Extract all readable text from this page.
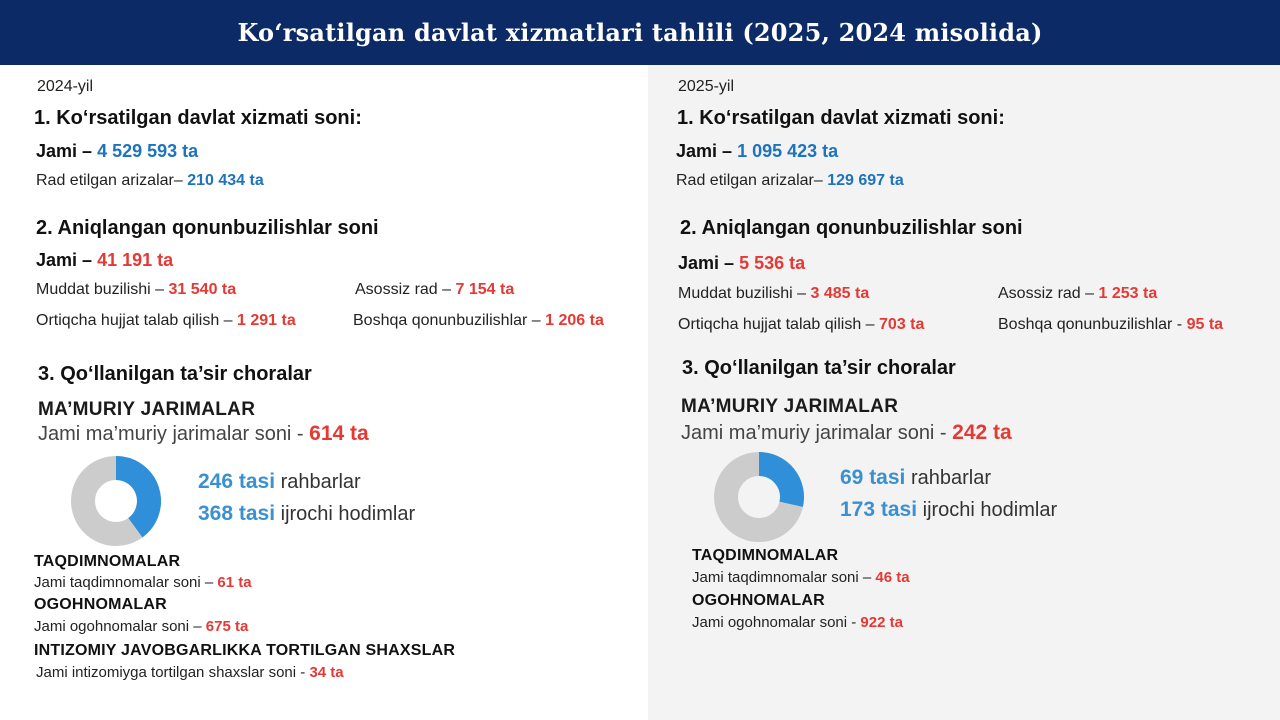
Ko‘rsatilgan davlat xizmatlari tahlili (2025, 2024 misolida)
2024-yil
1. Ko‘rsatilgan davlat xizmati soni:
Jami – 4 529 593 ta
Rad etilgan arizalar– 210 434 ta
2. Aniqlangan qonunbuzilishlar soni
Jami – 41 191 ta
Muddat buzilishi – 31 540 ta	Asossiz rad – 7 154 ta
Ortiqcha hujjat talab qilish – 1 291 ta	Boshqa qonunbuzilishlar – 1 206 ta
3. Qo‘llanilgan ta’sir choralar
MA’MURIY JARIMALAR
Jami ma’muriy jarimalar soni - 614 ta
246 tasi rahbarlar
368 tasi ijrochi hodimlar
TAQDIMNOMALAR
Jami taqdimnomalar soni – 61 ta
OGOHNOMALAR
Jami ogohnomalar soni – 675 ta
INTIZOMIY JAVOBGARLIKKA TORTILGAN SHAXSLAR
Jami intizomiyga tortilgan shaxslar soni - 34 ta
2025-yil
1. Ko‘rsatilgan davlat xizmati soni:
Jami – 1 095 423 ta
Rad etilgan arizalar– 129 697 ta
2. Aniqlangan qonunbuzilishlar soni
Jami – 5 536 ta
Muddat buzilishi – 3 485 ta	Asossiz rad – 1 253 ta
Ortiqcha hujjat talab qilish – 703 ta	Boshqa qonunbuzilishlar - 95 ta
3. Qo‘llanilgan ta’sir choralar
MA’MURIY JARIMALAR
Jami ma’muriy jarimalar soni - 242 ta
69 tasi rahbarlar
173 tasi ijrochi hodimlar
TAQDIMNOMALAR
Jami taqdimnomalar soni – 46 ta
OGOHNOMALAR
Jami ogohnomalar soni - 922 ta
